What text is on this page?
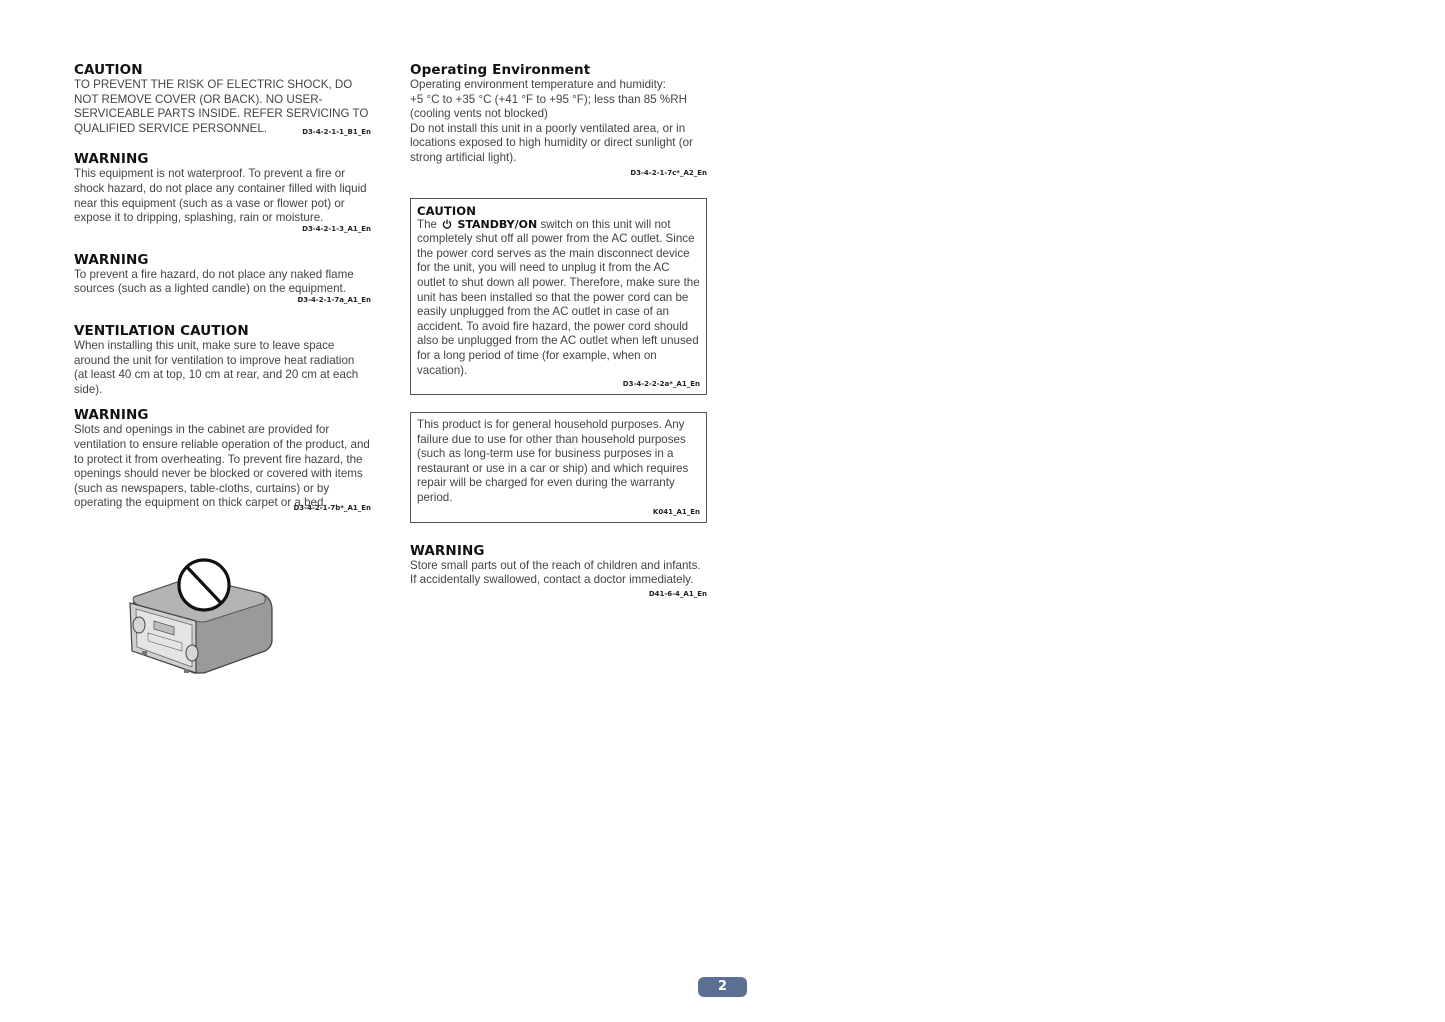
CAUTION

TO PREVENT THE RISK OF ELECTRIC SHOCK, DO NOT REMOVE COVER (OR BACK). NO USER-SERVICEABLE PARTS INSIDE. REFER SERVICING TO QUALIFIED SERVICE PERSONNEL.	D3-4-2-1-1_B1_En
WARNING

This equipment is not waterproof. To prevent a fire or shock hazard, do not place any container filled with liquid near this equipment (such as a vase or flower pot) or expose it to dripping, splashing, rain or moisture.

D3-4-2-1-3_A1_En
WARNING

To prevent a fire hazard, do not place any naked flame sources (such as a lighted candle) on the equipment.

D3-4-2-1-7a_A1_En
VENTILATION CAUTION

When installing this unit, make sure to leave space around the unit for ventilation to improve heat radiation (at least 40 cm at top, 10 cm at rear, and 20 cm at each side).

WARNING

Slots and openings in the cabinet are provided for ventilation to ensure reliable operation of the product, and to protect it from overheating. To prevent fire hazard, the openings should never be blocked or covered with items (such as newspapers, table-cloths, curtains) or by operating the equipment on thick carpet or a bed.

D3-4-2-1-7b*_A1_En
Operating Environment

Operating environment temperature and humidity:

+5 °C to +35 °C (+41 °F to +95 °F); less than 85 %RH (cooling vents not blocked)

Do not install this unit in a poorly ventilated area, or in locations exposed to high humidity or direct sunlight (or strong artificial light).

D3-4-2-1-7c*_A2_En
CAUTION

The STANDBY/ON switch on this unit will not completely shut off all power from the AC outlet. Since the power cord serves as the main disconnect device for the unit, you will need to unplug it from the AC outlet to shut down all power. Therefore, make sure the unit has been installed so that the power cord can be easily unplugged from the AC outlet in case of an accident. To avoid fire hazard, the power cord should also be unplugged from the AC outlet when left unused for a long period of time (for example, when on vacation).

D3-4-2-2-2a*_A1_En

This product is for general household purposes. Any failure due to use for other than household purposes (such as long-term use for business purposes in a restaurant or use in a car or ship) and which requires repair will be charged for even during the warranty period.

K041_A1_En
WARNING

Store small parts out of the reach of children and infants. If accidentally swallowed, contact a doctor immediately.

D41-6-4_A1_En
2
